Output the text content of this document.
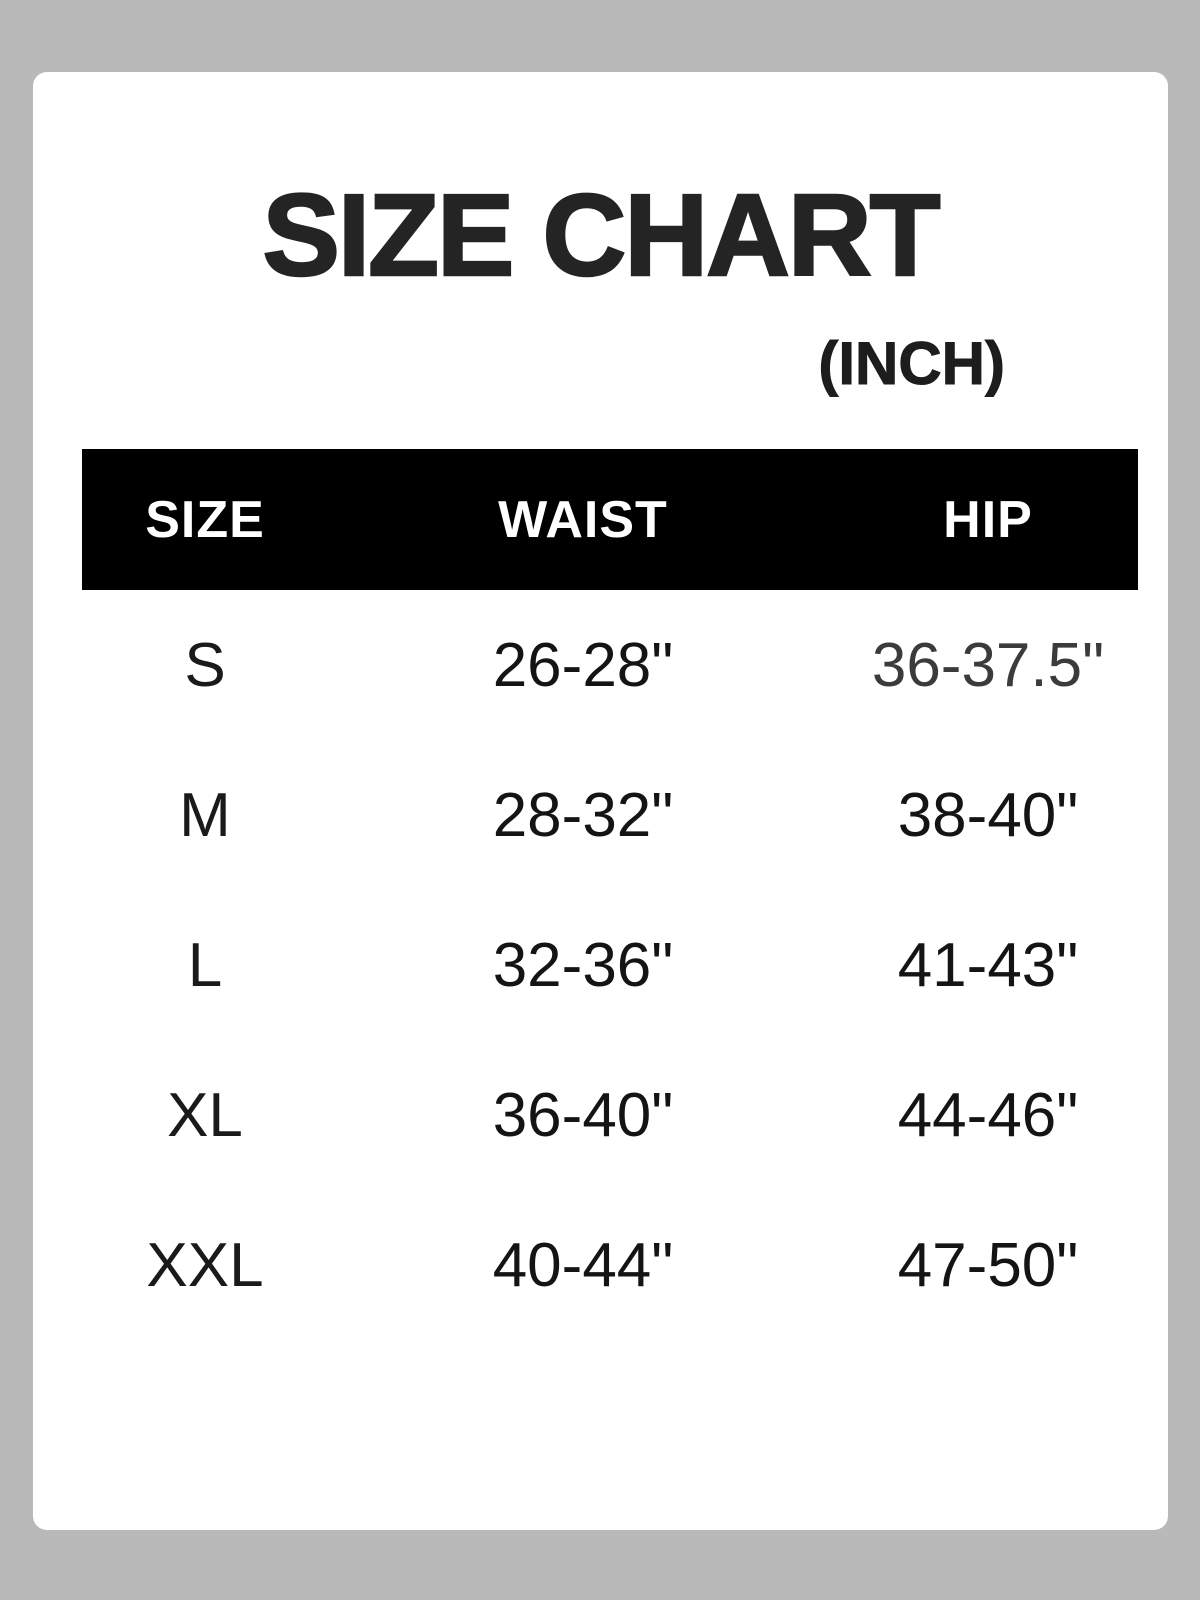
SIZE CHART
(INCH)
SIZE	WAIST	HIP
S	26-28"	36-37.5"
M	28-32"	38-40"
L	32-36"	41-43"
XL	36-40"	44-46"
XXL	40-44"	47-50"
